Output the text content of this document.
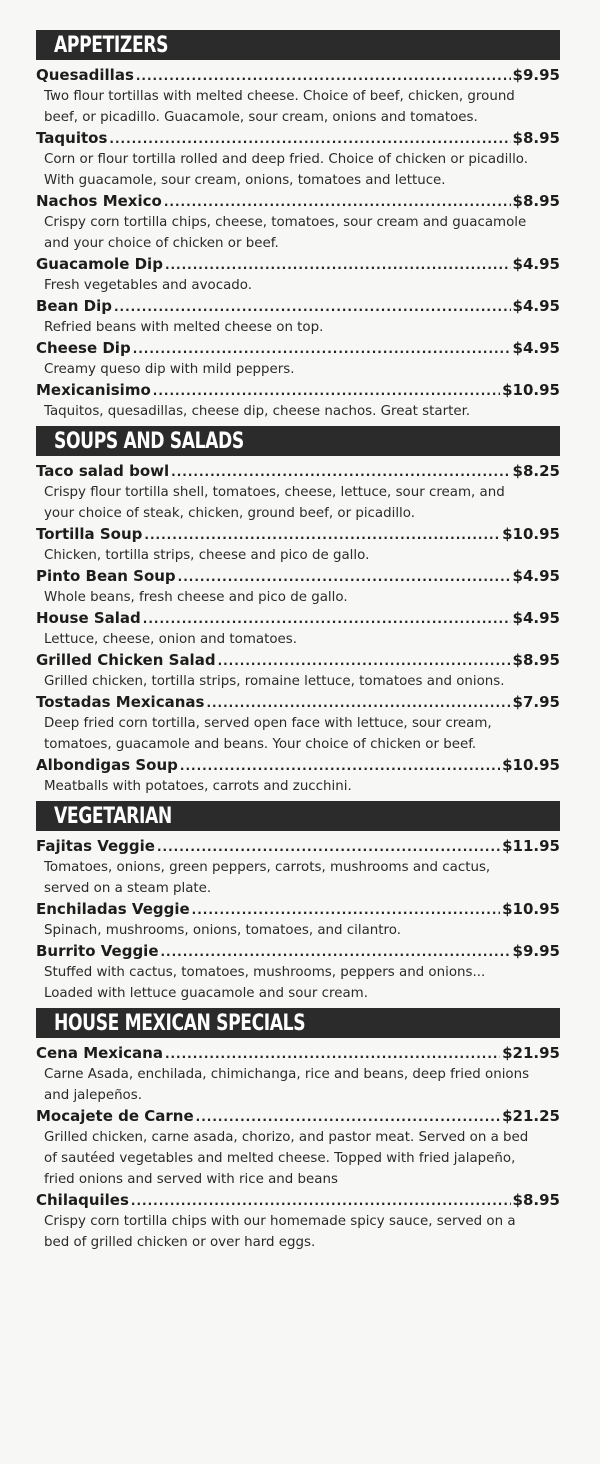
APPETIZERS
Quesadillas .....	$9.95
Two flour tortillas with melted cheese. Choice of beef, chicken, ground beef, or picadillo. Guacamole, sour cream, onions and tomatoes.
Taquitos .....	$8.95
Corn or flour tortilla rolled and deep fried. Choice of chicken or picadillo. With guacamole, sour cream, onions, tomatoes and lettuce.
Nachos Mexico .....	$8.95
Crispy corn tortilla chips, cheese, tomatoes, sour cream and guacamole and your choice of chicken or beef.
Guacamole Dip .....	$4.95
Fresh vegetables and avocado.
Bean Dip .....	$4.95
Refried beans with melted cheese on top.
Cheese Dip .....	$4.95
Creamy queso dip with mild peppers.
Mexicanisimo .....	$10.95
Taquitos, quesadillas, cheese dip, cheese nachos. Great starter.
SOUPS AND SALADS
Taco salad bowl .....	$8.25
Crispy flour tortilla shell, tomatoes, cheese, lettuce, sour cream, and your choice of steak, chicken, ground beef, or picadillo.
Tortilla Soup .....	$10.95
Chicken, tortilla strips, cheese and pico de gallo.
Pinto Bean Soup .....	$4.95
Whole beans, fresh cheese and pico de gallo.
House Salad .....	$4.95
Lettuce, cheese, onion and tomatoes.
Grilled Chicken Salad .....	$8.95
Grilled chicken, tortilla strips, romaine lettuce, tomatoes and onions.
Tostadas Mexicanas .....	$7.95
Deep fried corn tortilla, served open face with lettuce, sour cream, tomatoes, guacamole and beans. Your choice of chicken or beef.
Albondigas Soup .....	$10.95
Meatballs with potatoes, carrots and zucchini.
VEGETARIAN
Fajitas Veggie .....	$11.95
Tomatoes, onions, green peppers, carrots, mushrooms and cactus, served on a steam plate.
Enchiladas Veggie .....	$10.95
Spinach, mushrooms, onions, tomatoes, and cilantro.
Burrito Veggie .....	$9.95
Stuffed with cactus, tomatoes, mushrooms, peppers and onions... Loaded with lettuce guacamole and sour cream.
HOUSE MEXICAN SPECIALS
Cena Mexicana .....	$21.95
Carne Asada, enchilada, chimichanga, rice and beans, deep fried onions and jalepeños.
Mocajete de Carne .....	$21.25
Grilled chicken, carne asada, chorizo, and pastor meat. Served on a bed of sautéed vegetables and melted cheese. Topped with fried jalapeño, fried onions and served with rice and beans
Chilaquiles .....	$8.95
Crispy corn tortilla chips with our homemade spicy sauce, served on a bed of grilled chicken or over hard eggs.
